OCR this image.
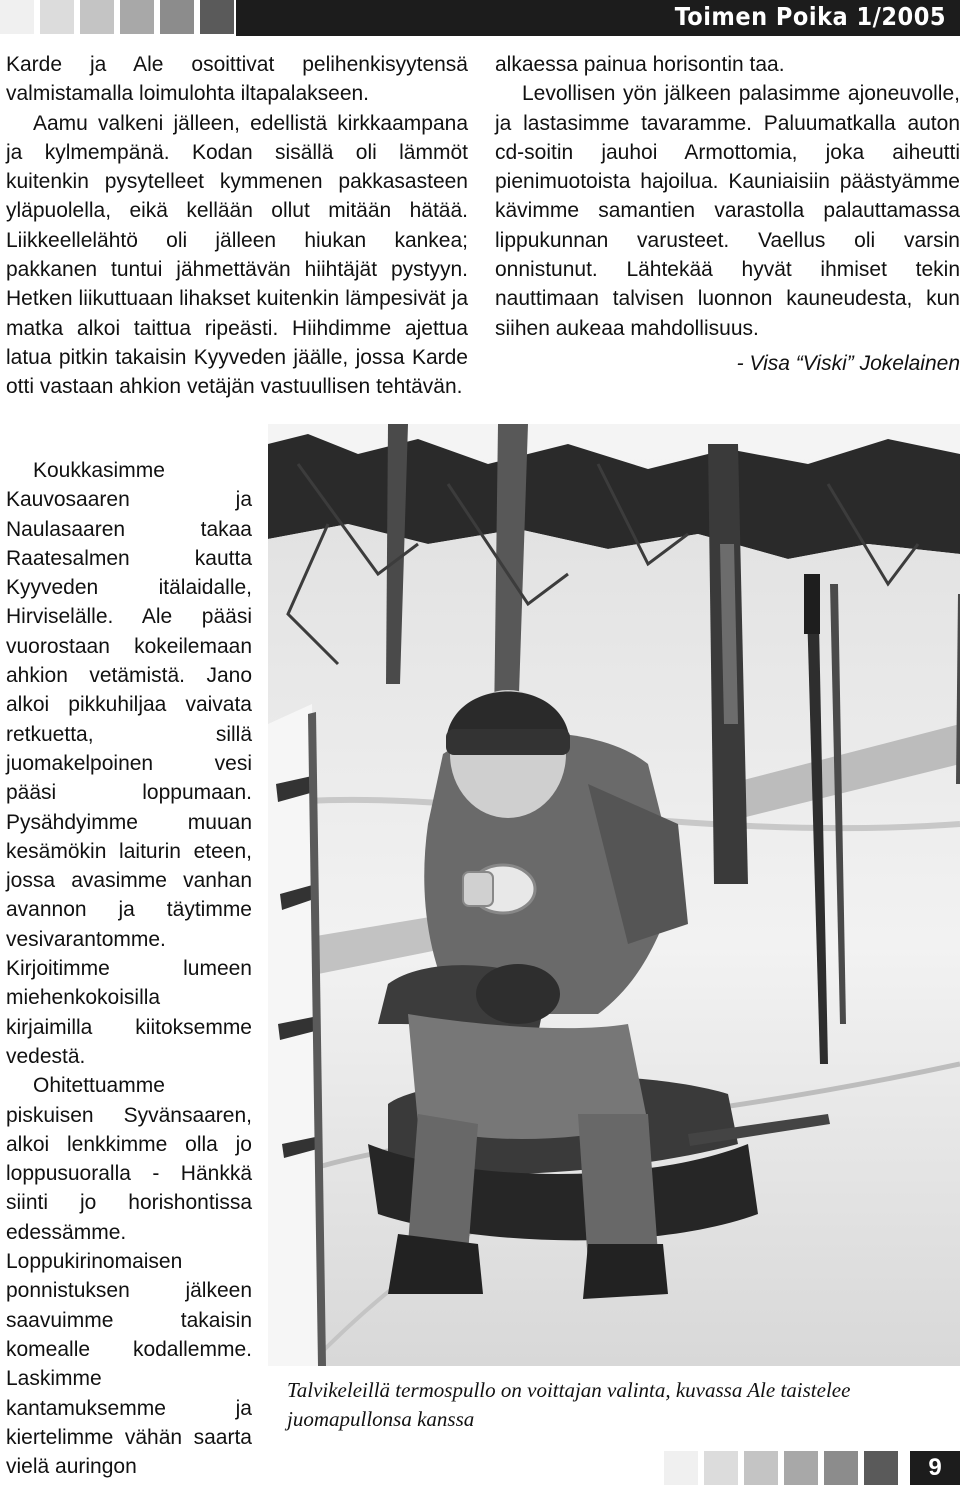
Toimen Poika 1/2005

Karde ja Ale osoittivat pelihenkisyytensä valmistamalla loimulohta iltapalakseen.

Aamu valkeni jälleen, edellistä kirkkaampana ja kylmempänä. Kodan sisällä oli lämmöt kuitenkin pysytelleet kymmenen pakkasasteen yläpuolella, eikä kellään ollut mitään hätää. Liikkeellelähtö oli jälleen hiukan kankea; pakkanen tuntui jähmettävän hiihtäjät pystyyn. Hetken liikuttuaan lihakset kuitenkin lämpesivät ja matka alkoi taittua ripeästi. Hiihdimme ajettua latua pitkin takaisin Kyyveden jäälle, jossa Karde otti vastaan ahkion vetäjän vastuullisen tehtävän.

Koukkasimme Kauvosaaren ja Naulasaaren takaa Raatesalmen kautta Kyyveden itälaidalle, Hirviselälle. Ale pääsi vuorostaan kokeilemaan ahkion vetämistä. Jano alkoi pikkuhiljaa vaivata retkuetta, sillä juomakelpoinen vesi pääsi loppumaan. Pysähdyimme muuan kesämökin laiturin eteen, jossa avasimme vanhan avannon ja täytimme vesivarantomme. Kirjoitimme lumeen miehenkokoisilla kirjaimilla kiitoksemme vedestä.

Ohitettuamme piskuisen Syvänsaaren, alkoi lenkkimme olla jo loppusuoralla - Hänkkä siinti jo horishontissa edessämme. Loppukirinomaisen ponnistuksen jälkeen saavuimme takaisin komealle kodallemme. Laskimme kantamuksemme ja kiertelimme vähän saarta vielä auringon

alkaessa painua horisontin taa.

Levollisen yön jälkeen palasimme ajoneuvolle, ja lastasimme tavaramme. Paluumatkalla auton cd-soitin jauhoi Armottomia, joka aiheutti pienimuotoista hajoilua. Kauniaisiin päästyämme kävimme samantien varastolla palauttamassa lippukunnan varusteet. Vaellus oli varsin onnistunut. Lähtekää hyvät ihmiset tekin nauttimaan talvisen luonnon kauneudesta, kun siihen aukeaa mahdollisuus.

- Visa “Viski” Jokelainen
Talvikeleillä termospullo on voittajan valinta, kuvassa Ale taistelee juomapullonsa kanssa
9
